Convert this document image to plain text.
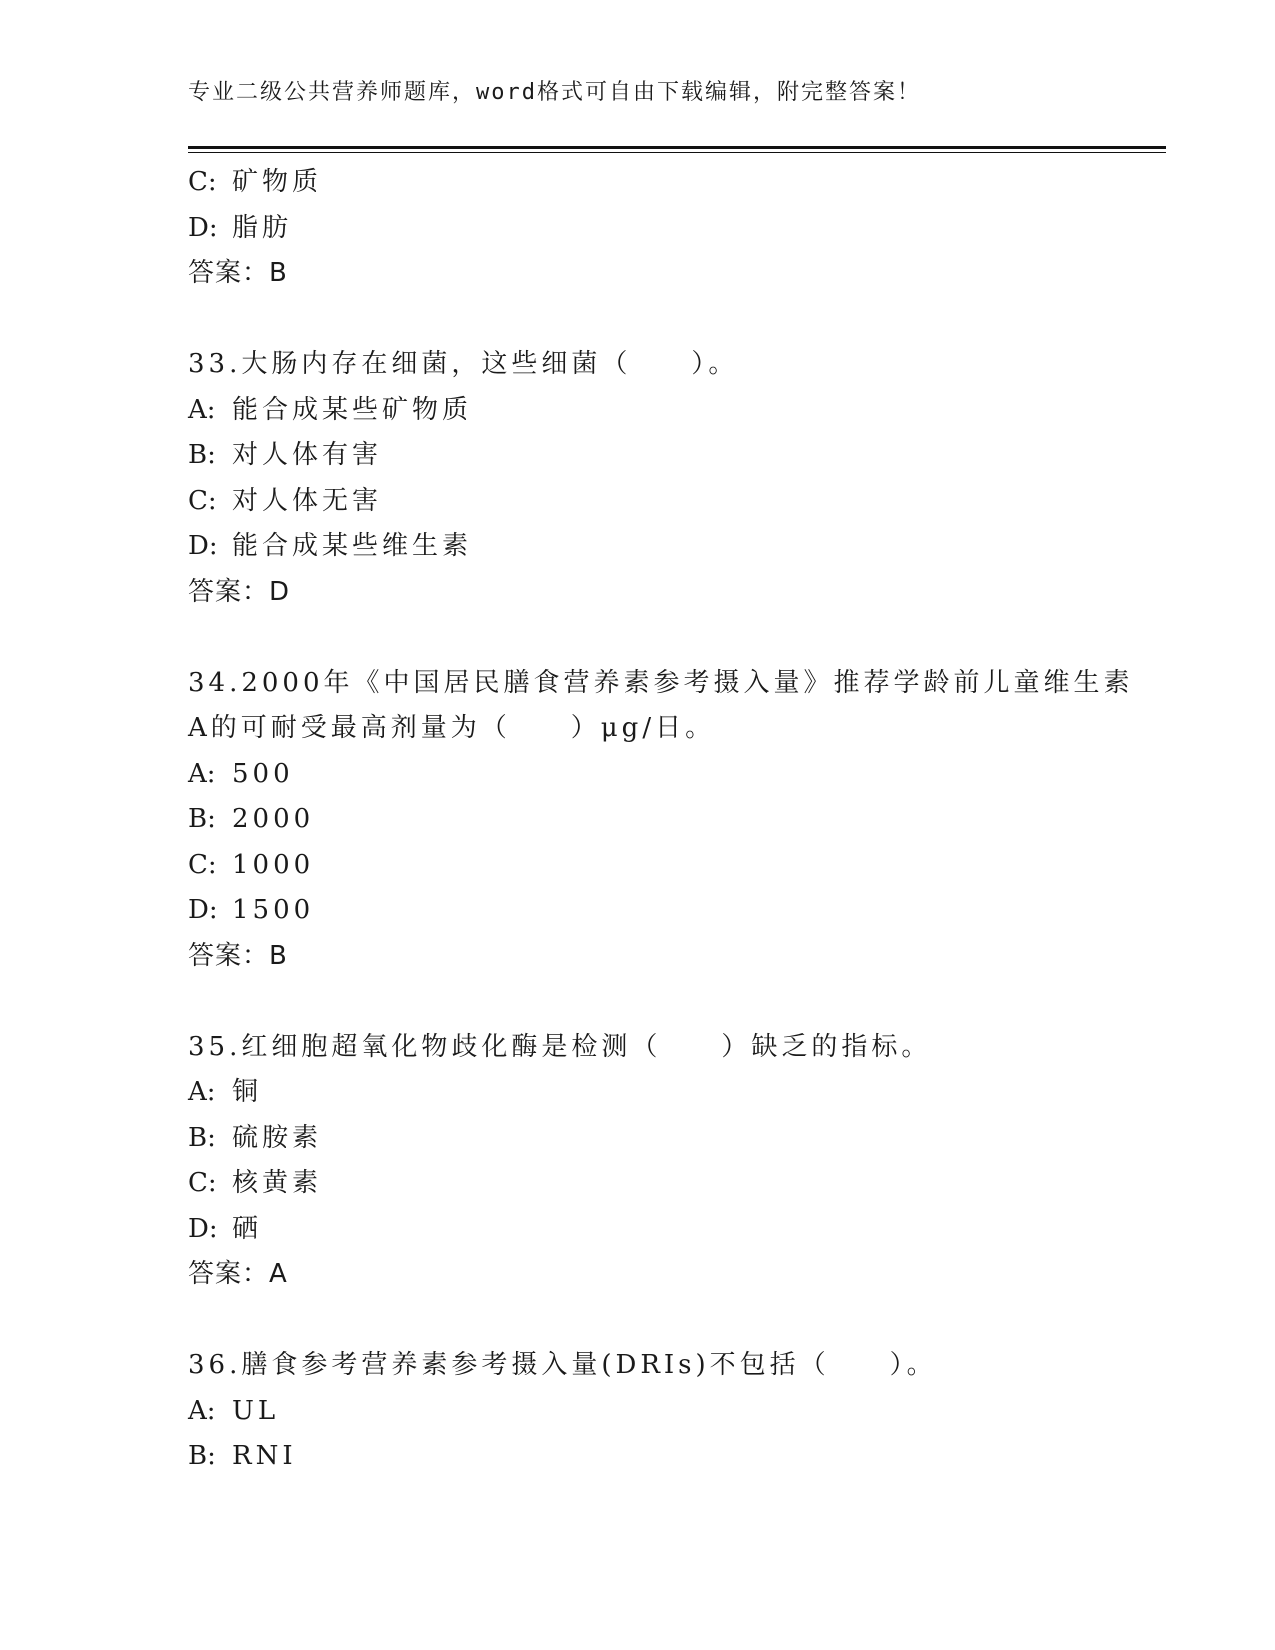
专业二级公共营养师题库，word格式可自由下载编辑，附完整答案！
C: 矿物质
D: 脂肪
答案：B
33.大肠内存在细菌，这些细菌（　　）。
A: 能合成某些矿物质
B: 对人体有害
C: 对人体无害
D: 能合成某些维生素
答案：D
34.2000年《中国居民膳食营养素参考摄入量》推荐学龄前儿童维生素
A的可耐受最高剂量为（　　）μg/日。
A: 500
B: 2000
C: 1000
D: 1500
答案：B
35.红细胞超氧化物歧化酶是检测（　　）缺乏的指标。
A: 铜
B: 硫胺素
C: 核黄素
D: 硒
答案：A
36.膳食参考营养素参考摄入量(DRIs)不包括（　　）。
A: UL
B: RNI
